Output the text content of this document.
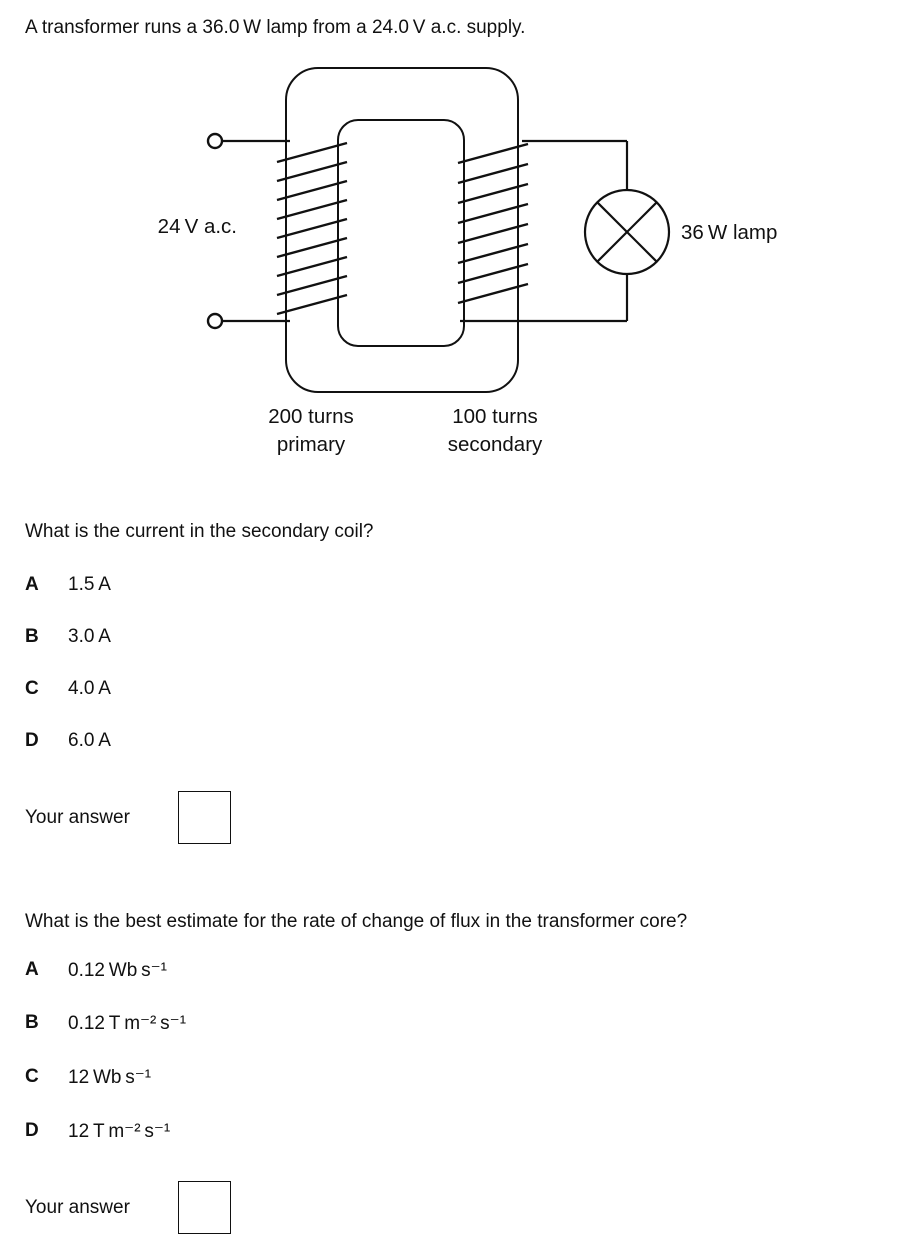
A transformer runs a 36.0 W lamp from a 24.0 V a.c. supply.
24 V a.c.	36 W lamp
200 turns
primary
100 turns
secondary
What is the current in the secondary coil?
A 1.5 A
B 3.0 A
C 4.0 A
D 6.0 A
Your answer
What is the best estimate for the rate of change of flux in the transformer core?
A 0.12 Wb s⁻¹
B 0.12 T m⁻² s⁻¹
C 12 Wb s⁻¹
D 12 T m⁻² s⁻¹
Your answer
